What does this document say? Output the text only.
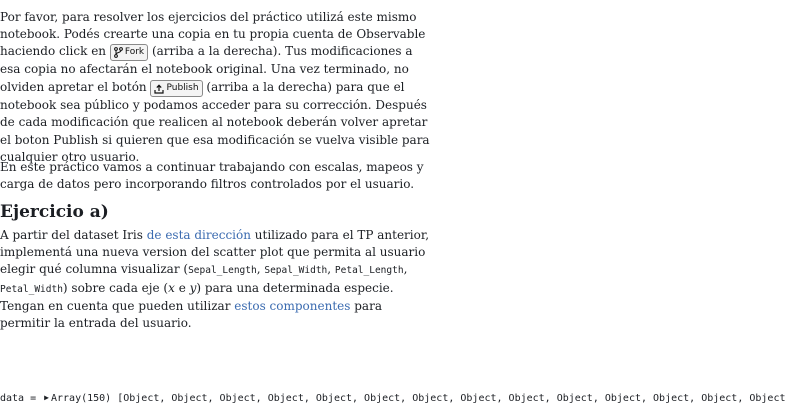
Por favor, para resolver los ejercicios del práctico utilizá este mismo notebook. Podés crearte una copia en tu propia cuenta de Observable haciendo click en Fork (arriba a la derecha). Tus modificaciones a esa copia no afectarán el notebook original. Una vez terminado, no olviden apretar el botón Publish (arriba a la derecha) para que el notebook sea público y podamos acceder para su corrección. Después de cada modificación que realicen al notebook deberán volver apretar el boton Publish si quieren que esa modificación se vuelva visible para cualquier otro usuario.

En este práctico vamos a continuar trabajando con escalas, mapeos y carga de datos pero incorporando filtros controlados por el usuario.

Ejercicio a)

A partir del dataset Iris de esta dirección utilizado para el TP anterior, implementá una nueva version del scatter plot que permita al usuario elegir qué columna visualizar (Sepal_Length, Sepal_Width, Petal_Length, Petal_Width) sobre cada eje (x e y) para una determinada especie. Tengan en cuenta que pueden utilizar estos componentes para permitir la entrada del usuario.

data = ▶ Array(150) [Object, Object, Object, Object, Object, Object, Object, Object, Object, Object, Object, Object, Object, Object
